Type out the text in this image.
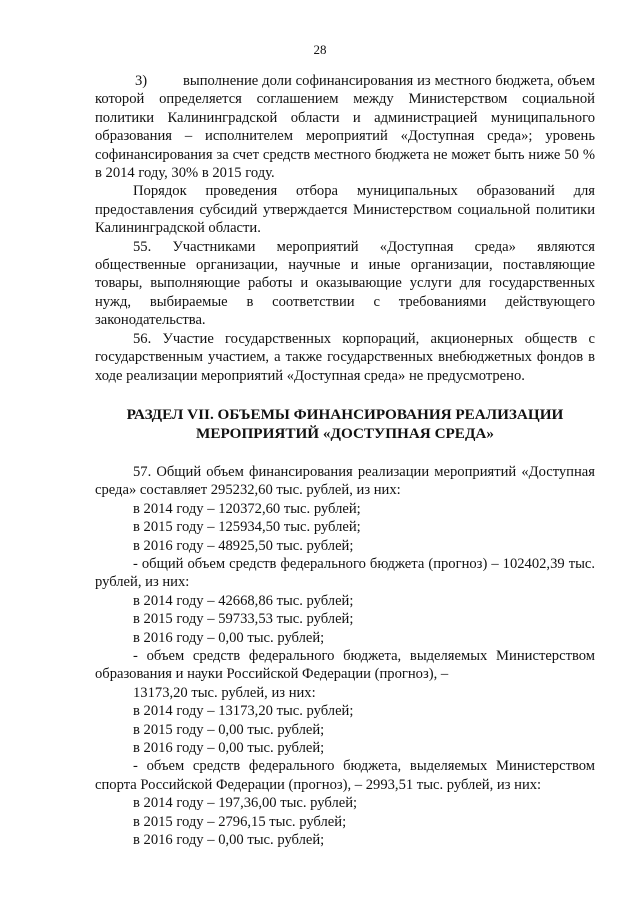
28

3) выполнение доли софинансирования из местного бюджета, объем которой определяется соглашением между Министерством социальной политики Калининградской области и администрацией муниципального образования – исполнителем мероприятий «Доступная среда»; уровень софинансирования за счет средств местного бюджета не может быть ниже 50 % в 2014 году, 30% в 2015 году.

Порядок проведения отбора муниципальных образований для предоставления субсидий утверждается Министерством социальной политики Калининградской области.

55. Участниками мероприятий «Доступная среда» являются общественные организации, научные и иные организации, поставляющие товары, выполняющие работы и оказывающие услуги для государственных нужд, выбираемые в соответствии с требованиями действующего законодательства.

56. Участие государственных корпораций, акционерных обществ с государственным участием, а также государственных внебюджетных фондов в ходе реализации мероприятий «Доступная среда» не предусмотрено.

РАЗДЕЛ VII. ОБЪЕМЫ ФИНАНСИРОВАНИЯ РЕАЛИЗАЦИИ
МЕРОПРИЯТИЙ «ДОСТУПНАЯ СРЕДА»

57. Общий объем финансирования реализации мероприятий «Доступная среда» составляет 295232,60 тыс. рублей, из них:

в 2014 году – 120372,60 тыс. рублей;

в 2015 году – 125934,50 тыс. рублей;

в 2016 году – 48925,50 тыс. рублей;

- общий объем средств федерального бюджета (прогноз) – 102402,39 тыс. рублей, из них:

в 2014 году – 42668,86 тыс. рублей;

в 2015 году – 59733,53 тыс. рублей;

в 2016 году – 0,00 тыс. рублей;

- объем средств федерального бюджета, выделяемых Министерством образования и науки Российской Федерации (прогноз), –

13173,20 тыс. рублей, из них:

в 2014 году – 13173,20 тыс. рублей;

в 2015 году – 0,00 тыс. рублей;

в 2016 году – 0,00 тыс. рублей;

- объем средств федерального бюджета, выделяемых Министерством спорта Российской Федерации (прогноз), – 2993,51 тыс. рублей, из них:

в 2014 году – 197,36,00 тыс. рублей;

в 2015 году – 2796,15 тыс. рублей;

в 2016 году – 0,00 тыс. рублей;
